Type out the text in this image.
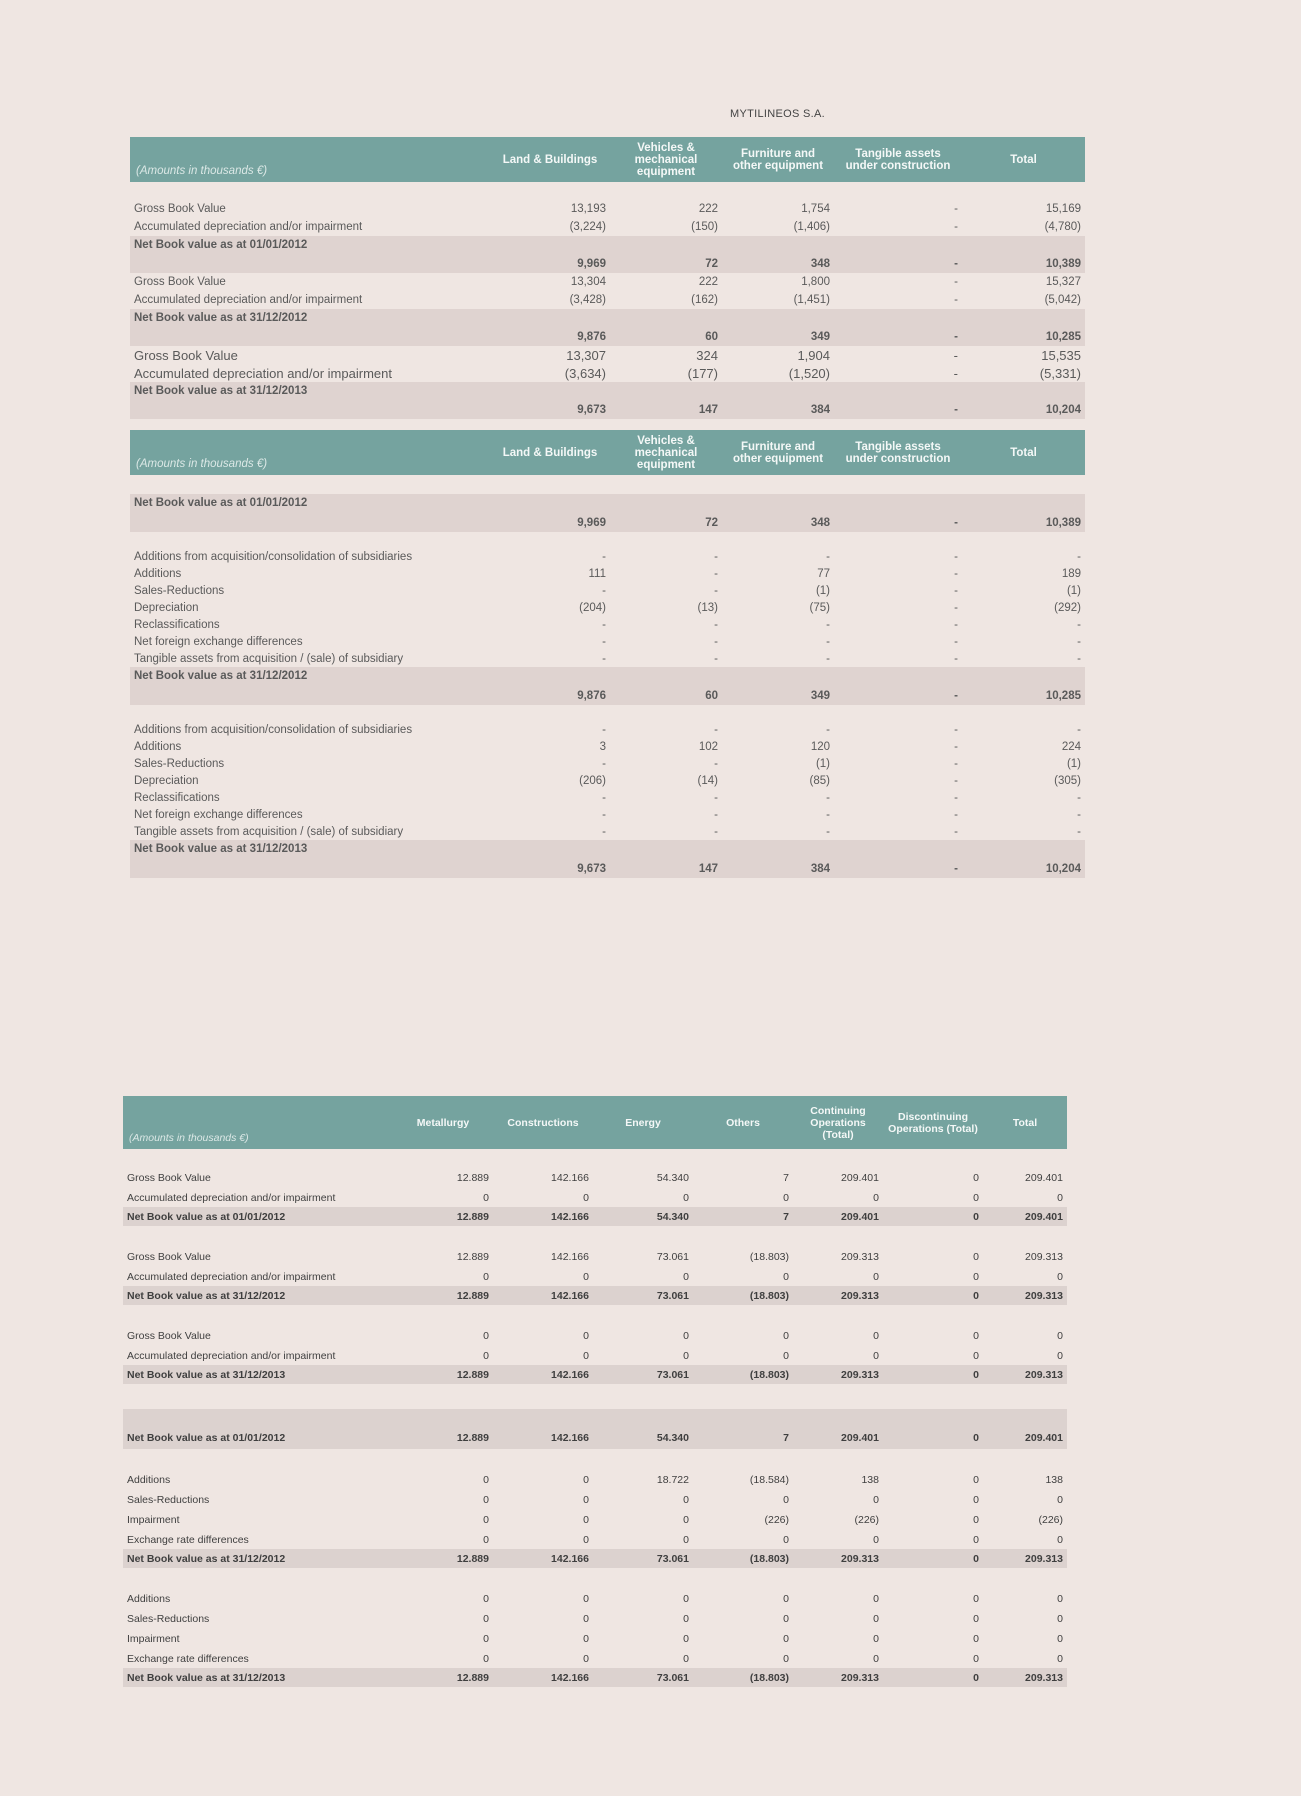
MYTILINEOS S.A.
(Amounts in thousands €)	Land & Buildings	Vehicles & mechanical equipment	Furniture and other equipment	Tangible assets under construction	Total

Gross Book Value	13,193	222	1,754	-	15,169
Accumulated depreciation and/or impairment	(3,224)	(150)	(1,406)	-	(4,780)
Net Book value as at 01/01/2012	9,969	72	348	-	10,389
Gross Book Value	13,304	222	1,800	-	15,327
Accumulated depreciation and/or impairment	(3,428)	(162)	(1,451)	-	(5,042)
Net Book value as at 31/12/2012	9,876	60	349	-	10,285
Gross Book Value	13,307	324	1,904	-	15,535
Accumulated depreciation and/or impairment	(3,634)	(177)	(1,520)	-	(5,331)
Net Book value as at 31/12/2013	9,673	147	384	-	10,204
(Amounts in thousands €)	Land & Buildings	Vehicles & mechanical equipment	Furniture and other equipment	Tangible assets under construction	Total

Net Book value as at 01/01/2012	9,969	72	348	-	10,389

Additions from acquisition/consolidation of subsidiaries	-	-	-	-	-
Additions	111	-	77	-	189
Sales-Reductions	-	-	(1)	-	(1)
Depreciation	(204)	(13)	(75)	-	(292)
Reclassifications	-	-	-	-	-
Net foreign exchange differences	-	-	-	-	-
Tangible assets from acquisition / (sale) of subsidiary	-	-	-	-	-
Net Book value as at 31/12/2012	9,876	60	349	-	10,285

Additions from acquisition/consolidation of subsidiaries	-	-	-	-	-
Additions	3	102	120	-	224
Sales-Reductions	-	-	(1)	-	(1)
Depreciation	(206)	(14)	(85)	-	(305)
Reclassifications	-	-	-	-	-
Net foreign exchange differences	-	-	-	-	-
Tangible assets from acquisition / (sale) of subsidiary	-	-	-	-	-
Net Book value as at 31/12/2013	9,673	147	384	-	10,204
(Amounts in thousands €)	Metallurgy	Constructions	Energy	Others	Continuing Operations (Total)	Discontinuing Operations (Total)	Total

Gross Book Value	12.889	142.166	54.340	7	209.401	0	209.401
Accumulated depreciation and/or impairment	0	0	0	0	0	0	0
Net Book value as at 01/01/2012	12.889	142.166	54.340	7	209.401	0	209.401

Gross Book Value	12.889	142.166	73.061	(18.803)	209.313	0	209.313
Accumulated depreciation and/or impairment	0	0	0	0	0	0	0
Net Book value as at 31/12/2012	12.889	142.166	73.061	(18.803)	209.313	0	209.313

Gross Book Value	0	0	0	0	0	0	0
Accumulated depreciation and/or impairment	0	0	0	0	0	0	0
Net Book value as at 31/12/2013	12.889	142.166	73.061	(18.803)	209.313	0	209.313

Net Book value as at 01/01/2012	12.889	142.166	54.340	7	209.401	0	209.401

Additions	0	0	18.722	(18.584)	138	0	138
Sales-Reductions	0	0	0	0	0	0	0
Impairment	0	0	0	(226)	(226)	0	(226)
Exchange rate differences	0	0	0	0	0	0	0
Net Book value as at 31/12/2012	12.889	142.166	73.061	(18.803)	209.313	0	209.313

Additions	0	0	0	0	0	0	0
Sales-Reductions	0	0	0	0	0	0	0
Impairment	0	0	0	0	0	0	0
Exchange rate differences	0	0	0	0	0	0	0
Net Book value as at 31/12/2013	12.889	142.166	73.061	(18.803)	209.313	0	209.313
